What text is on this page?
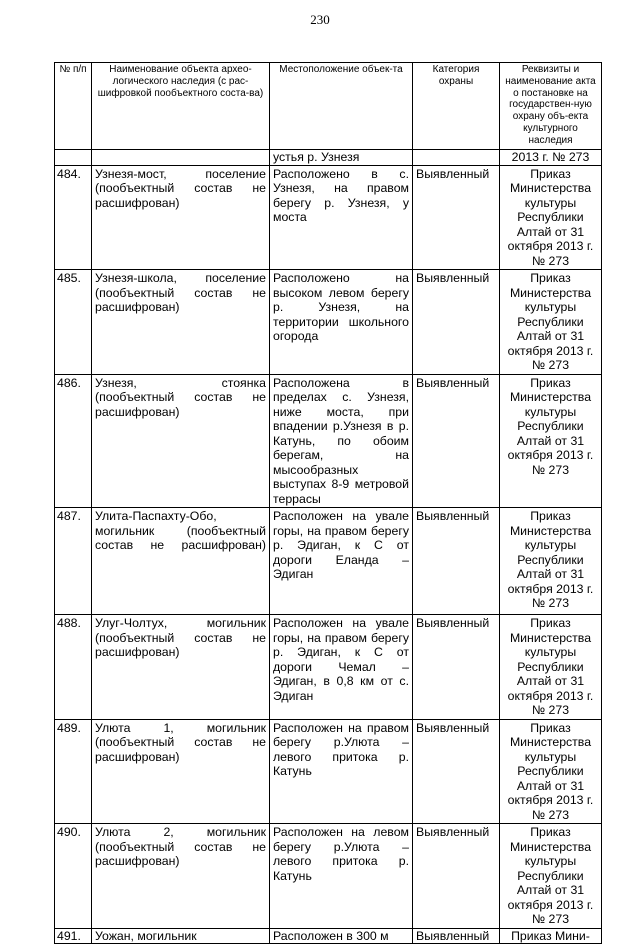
230
№ п/п	Наименование объекта архео-логического наследия (с рас-шифровкой пообъектного соста-ва)	Местоположение объек-та	Категория охраны	Реквизиты и наименование акта о постановке на государствен-ную охрану объ-екта культурного наследия
		устья р. Узнезя		2013 г. № 273
484.	Узнезя-мост, поселение (пообъектный состав не расшифрован)	Расположено в с. Узнезя, на правом берегу р. Узнезя, у моста	Выявленный	Приказ Министерства культуры Республики Алтай от 31 октября 2013 г. № 273
485.	Узнезя-школа, поселение (пообъектный состав не расшифрован)	Расположено на высоком левом берегу р. Узнезя, на территории школьного огорода	Выявленный	Приказ Министерства культуры Республики Алтай от 31 октября 2013 г. № 273
486.	Узнезя, стоянка (пообъектный состав не расшифрован)	Расположена в пределах с. Узнезя, ниже моста, при впадении р.Узнезя в р. Катунь, по обоим берегам, на мысообразных выступах 8-9 метровой террасы	Выявленный	Приказ Министерства культуры Республики Алтай от 31 октября 2013 г. № 273
487.	Улита-Паспахту-Обо, могильник (пообъектный состав не расшифрован)	Расположен на увале горы, на правом берегу р. Эдиган, к С от дороги Еланда – Эдиган	Выявленный	Приказ Министерства культуры Республики Алтай от 31 октября 2013 г. № 273
488.	Улуг-Чолтух, могильник (пообъектный состав не расшифрован)	Расположен на увале горы, на правом берегу р. Эдиган, к С от дороги Чемал – Эдиган, в 0,8 км от с. Эдиган	Выявленный	Приказ Министерства культуры Республики Алтай от 31 октября 2013 г. № 273
489.	Улюта 1, могильник (пообъектный состав не расшифрован)	Расположен на правом берегу р.Улюта – левого притока р. Катунь	Выявленный	Приказ Министерства культуры Республики Алтай от 31 октября 2013 г. № 273
490.	Улюта 2, могильник (пообъектный состав не расшифрован)	Расположен на левом берегу р.Улюта – левого притока р. Катунь	Выявленный	Приказ Министерства культуры Республики Алтай от 31 октября 2013 г. № 273
491.	Уожан, могильник	Расположен в 300 м	Выявленный	Приказ Мини-
